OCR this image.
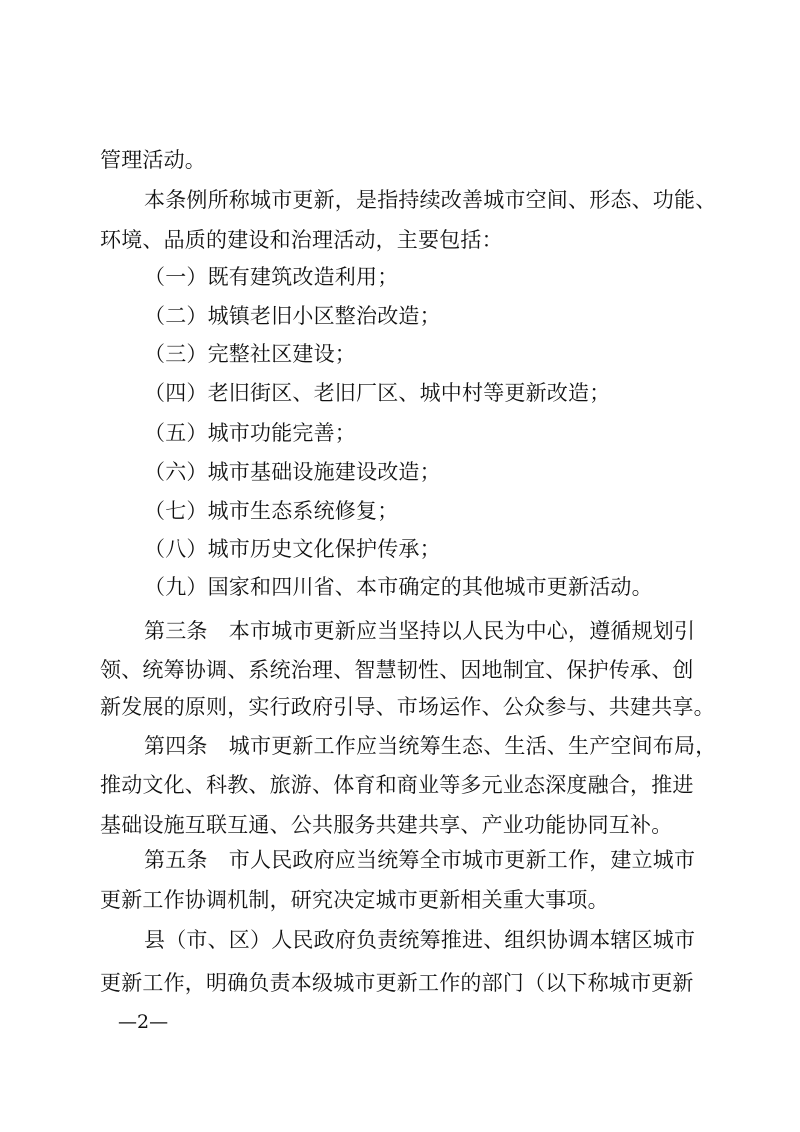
管理活动。
本条例所称城市更新，是指持续改善城市空间、形态、功能、
环境、品质的建设和治理活动，主要包括：
（一）既有建筑改造利用；
（二）城镇老旧小区整治改造；
（三）完整社区建设；
（四）老旧街区、老旧厂区、城中村等更新改造；
（五）城市功能完善；
（六）城市基础设施建设改造；
（七）城市生态系统修复；
（八）城市历史文化保护传承；
（九）国家和四川省、本市确定的其他城市更新活动。
第三条　本市城市更新应当坚持以人民为中心，遵循规划引
领、统筹协调、系统治理、智慧韧性、因地制宜、保护传承、创
新发展的原则，实行政府引导、市场运作、公众参与、共建共享。
第四条　城市更新工作应当统筹生态、生活、生产空间布局，
推动文化、科教、旅游、体育和商业等多元业态深度融合，推进
基础设施互联互通、公共服务共建共享、产业功能协同互补。
第五条　市人民政府应当统筹全市城市更新工作，建立城市
更新工作协调机制，研究决定城市更新相关重大事项。
县（市、区）人民政府负责统筹推进、组织协调本辖区城市
更新工作，明确负责本级城市更新工作的部门（以下称城市更新
—2—
